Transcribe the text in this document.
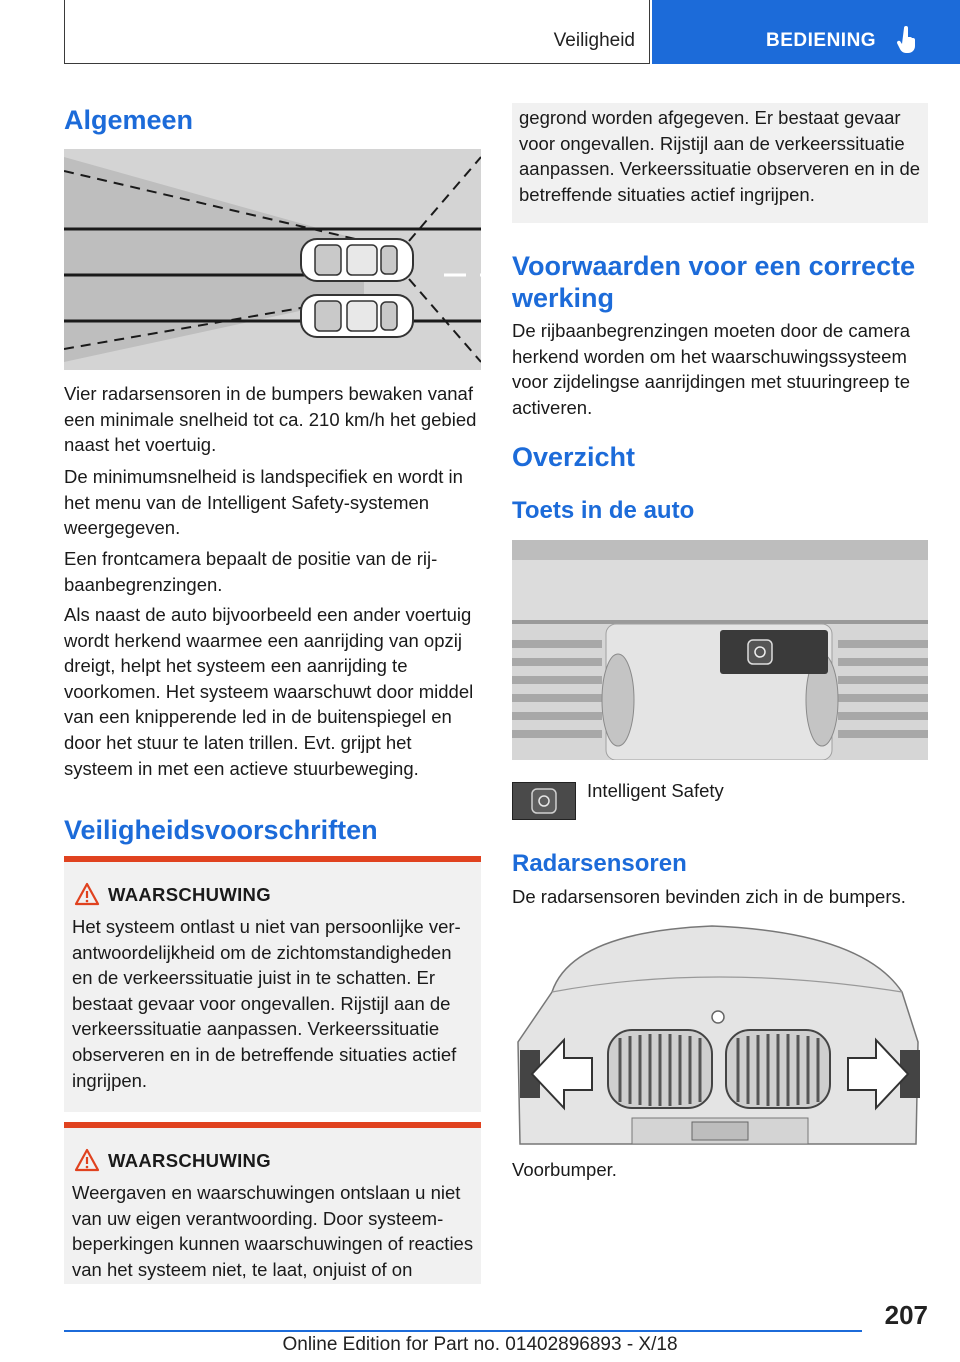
Veiligheid	BEDIENING
Algemeen

Vier radarsensoren in de bumpers bewaken vanaf een minimale snelheid tot ca. 210 km/h het gebied naast het voertuig.

De minimumsnelheid is landspecifiek en wordt in het menu van de Intelligent Safety-systemen weergegeven.

Een frontcamera bepaalt de positie van de rijbaanbegrenzingen.

Als naast de auto bijvoorbeeld een ander voertuig wordt herkend waarmee een aanrijding van opzij dreigt, helpt het systeem een aanrijding te voorkomen. Het systeem waarschuwt door middel van een knipperende led in de buitenspiegel en door het stuur te laten trillen. Evt. grijpt het systeem in met een actieve stuurbeweging.

Veiligheidsvoorschriften
WAARSCHUWING

Het systeem ontlast u niet van persoonlijke verantwoordelijkheid om de zichtomstandigheden en de verkeerssituatie juist in te schatten. Er bestaat gevaar voor ongevallen. Rijstijl aan de verkeerssituatie aanpassen. Verkeerssituatie observeren en in de betreffende situaties actief ingrijpen.

WAARSCHUWING

Weergaven en waarschuwingen ontslaan u niet van uw eigen verantwoording. Door systeembeperkingen kunnen waarschuwingen of reacties van het systeem niet, te laat, onjuist of on

gegrond worden afgegeven. Er bestaat gevaar voor ongevallen. Rijstijl aan de verkeerssituatie aanpassen. Verkeerssituatie observeren en in de betreffende situaties actief ingrijpen.

Voorwaarden voor een correcte werking

De rijbaanbegrenzingen moeten door de camera herkend worden om het waarschuwingssysteem voor zijdelingse aanrijdingen met stuuringreep te activeren.

Overzicht
Toets in de auto
Intelligent Safety
Radarsensoren

De radarsensoren bevinden zich in de bumpers.

Voorbumper.

207
Online Edition for Part no. 01402896893 - X/18
